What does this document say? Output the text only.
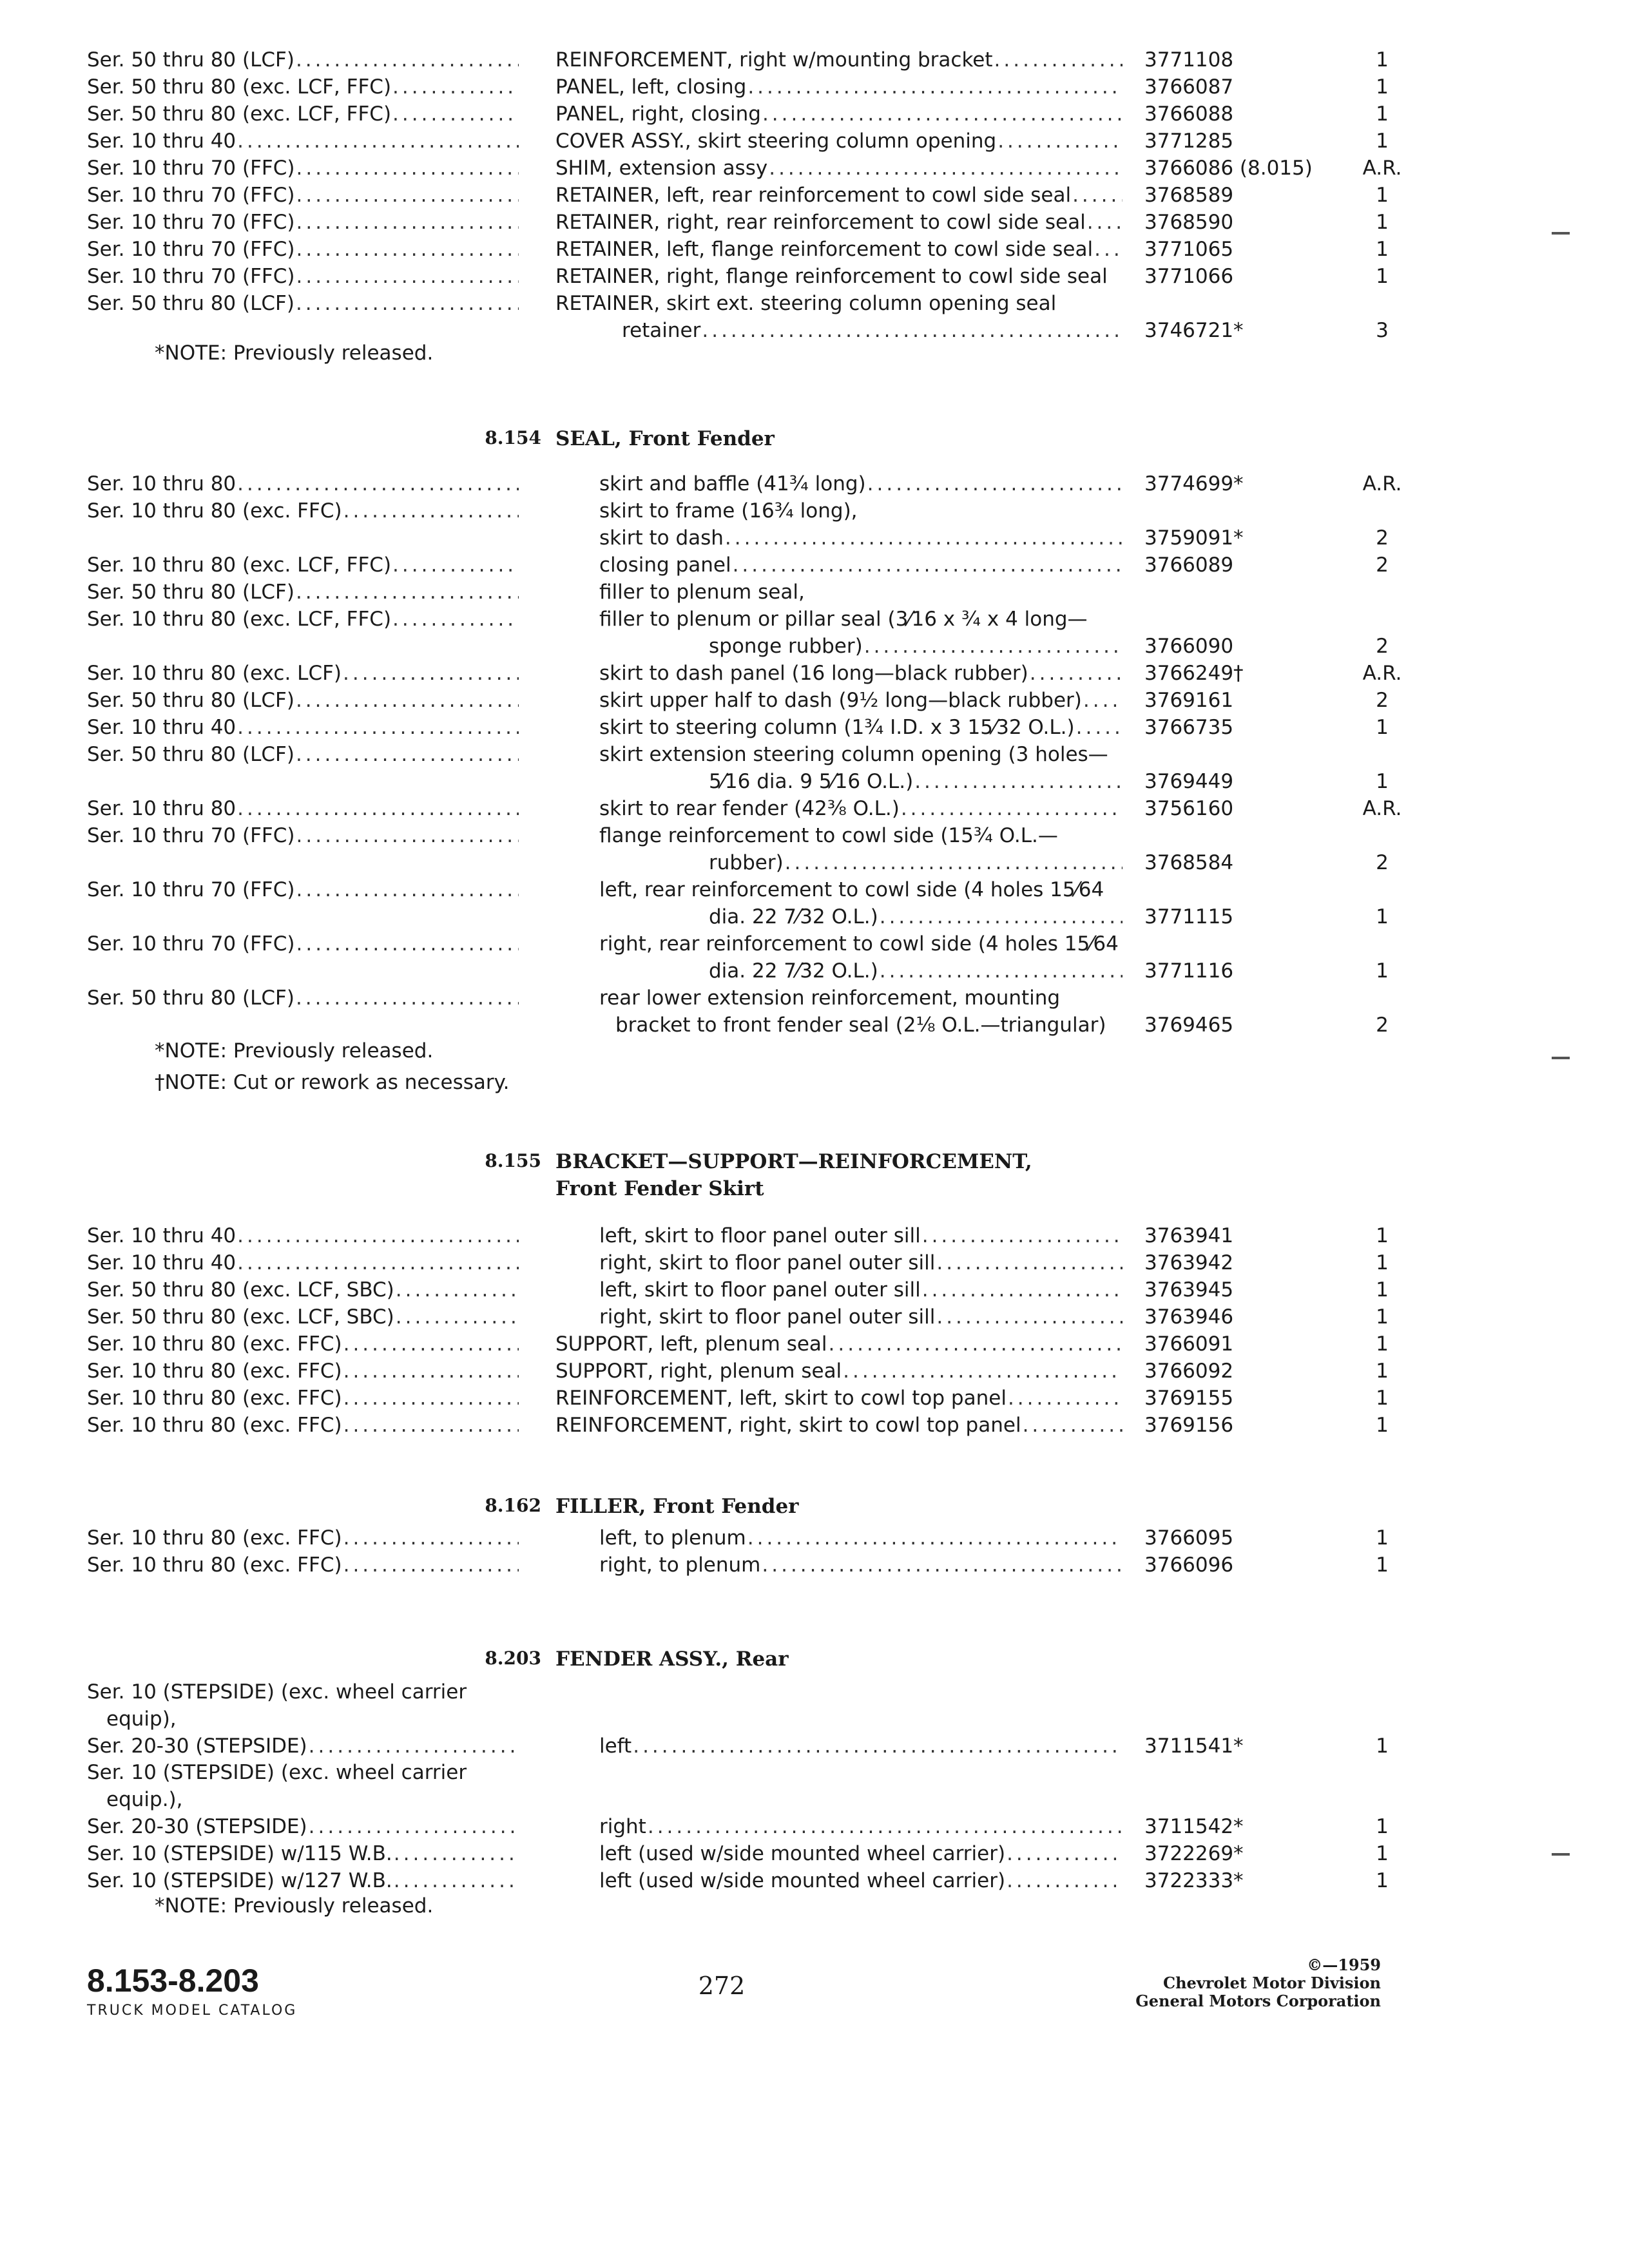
Ser. 50 thru 80 (LCF) .....	REINFORCEMENT, right w/mounting bracket .....	3771108	1
Ser. 50 thru 80 (exc. LCF, FFC) .....	PANEL, left, closing .....	3766087	1
Ser. 50 thru 80 (exc. LCF, FFC) .....	PANEL, right, closing .....	3766088	1
Ser. 10 thru 40 .....	COVER ASSY., skirt steering column opening .....	3771285	1
Ser. 10 thru 70 (FFC) .....	SHIM, extension assy .....	3766086 (8.015)	A.R.
Ser. 10 thru 70 (FFC) .....	RETAINER, left, rear reinforcement to cowl side seal .....	3768589	1
Ser. 10 thru 70 (FFC) .....	RETAINER, right, rear reinforcement to cowl side seal .....	3768590	1
Ser. 10 thru 70 (FFC) .....	RETAINER, left, flange reinforcement to cowl side seal .....	3771065	1
Ser. 10 thru 70 (FFC) .....	RETAINER, right, flange reinforcement to cowl side seal 3771066	1
Ser. 50 thru 80 (LCF) .....	RETAINER, skirt ext. steering column opening seal
retainer .....	3746721*	3
Ser. 10 thru 80 .....	skirt and baffle (41¾ long) .....	3774699*	A.R.
Ser. 10 thru 80 (exc. FFC) .....	skirt to frame (16¾ long),
skirt to dash .....	3759091*	2
Ser. 10 thru 80 (exc. LCF, FFC) .....	closing panel .....	3766089	2
Ser. 50 thru 80 (LCF) .....	filler to plenum seal,
Ser. 10 thru 80 (exc. LCF, FFC) .....	filler to plenum or pillar seal (3⁄16 x ¾ x 4 long—
sponge rubber) .....	3766090	2
Ser. 10 thru 80 (exc. LCF) .....	skirt to dash panel (16 long—black rubber) .....	3766249†	A.R.
Ser. 50 thru 80 (LCF) .....	skirt upper half to dash (9½ long—black rubber) .....	3769161	2
Ser. 10 thru 40 .....	skirt to steering column (1¾ I.D. x 3 15⁄32 O.L.) .....	3766735	1
Ser. 50 thru 80 (LCF) .....	skirt extension steering column opening (3 holes—
5⁄16 dia. 9 5⁄16 O.L.) .....	3769449	1
Ser. 10 thru 80 .....	skirt to rear fender (42⅜ O.L.) .....	3756160	A.R.
Ser. 10 thru 70 (FFC) .....	flange reinforcement to cowl side (15¾ O.L.—
rubber) .....	3768584	2
Ser. 10 thru 70 (FFC) .....	left, rear reinforcement to cowl side (4 holes 15⁄64
dia. 22 7⁄32 O.L.) .....	3771115	1
Ser. 10 thru 70 (FFC) .....	right, rear reinforcement to cowl side (4 holes 15⁄64
dia. 22 7⁄32 O.L.) .....	3771116	1
Ser. 50 thru 80 (LCF) .....	rear lower extension reinforcement, mounting
bracket to front fender seal (2⅛ O.L.—triangular) 3769465	2
Ser. 10 thru 40 .....	left, skirt to floor panel outer sill .....	3763941	1
Ser. 10 thru 40 .....	right, skirt to floor panel outer sill .....	3763942	1
Ser. 50 thru 80 (exc. LCF, SBC) .....	left, skirt to floor panel outer sill .....	3763945	1
Ser. 50 thru 80 (exc. LCF, SBC) .....	right, skirt to floor panel outer sill .....	3763946	1
Ser. 10 thru 80 (exc. FFC) .....	SUPPORT, left, plenum seal .....	3766091	1
Ser. 10 thru 80 (exc. FFC) .....	SUPPORT, right, plenum seal .....	3766092	1
Ser. 10 thru 80 (exc. FFC) .....	REINFORCEMENT, left, skirt to cowl top panel .....	3769155	1
Ser. 10 thru 80 (exc. FFC) .....	REINFORCEMENT, right, skirt to cowl top panel .....	3769156	1
Ser. 10 thru 80 (exc. FFC) .....	left, to plenum .....	3766095	1
Ser. 10 thru 80 (exc. FFC) .....	right, to plenum .....	3766096	1
Ser. 10 (STEPSIDE) (exc. wheel carrier
equip),
Ser. 20-30 (STEPSIDE) .....	left .....	3711541*	1
Ser. 10 (STEPSIDE) (exc. wheel carrier
equip.),
Ser. 20-30 (STEPSIDE) .....	right .....	3711542*	1
Ser. 10 (STEPSIDE) w/115 W.B. .....	left (used w/side mounted wheel carrier) .....	3722269*	1
Ser. 10 (STEPSIDE) w/127 W.B. .....	left (used w/side mounted wheel carrier) .....	3722333*	1
*NOTE: Previously released.
*NOTE: Previously released.
†NOTE: Cut or rework as necessary.
*NOTE: Previously released.
8.154 SEAL, Front Fender
8.155 BRACKET—SUPPORT—REINFORCEMENT,
Front Fender Skirt
8.162 FILLER, Front Fender
8.203 FENDER ASSY., Rear
8.153-8.203
TRUCK MODEL CATALOG
272
©—1959
Chevrolet Motor Division
General Motors Corporation
